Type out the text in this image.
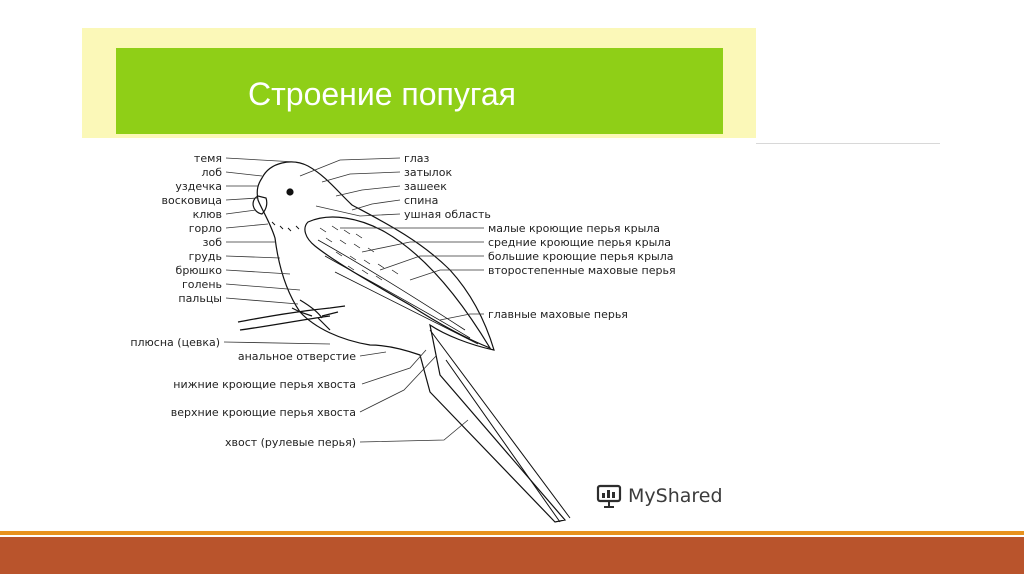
Строение попугая
темя
лоб
уздечка
восковица
клюв
горло
зоб
грудь
брюшко
голень
пальцы
глаз
затылок
зашеек
спина
ушная область
малые кроющие перья крыла
средние кроющие перья крыла
большие кроющие перья крыла
второстепенные маховые перья
главные маховые перья
плюсна (цевка)
анальное отверстие
нижние кроющие перья хвоста
верхние кроющие перья хвоста
хвост (рулевые перья)
MyShared
